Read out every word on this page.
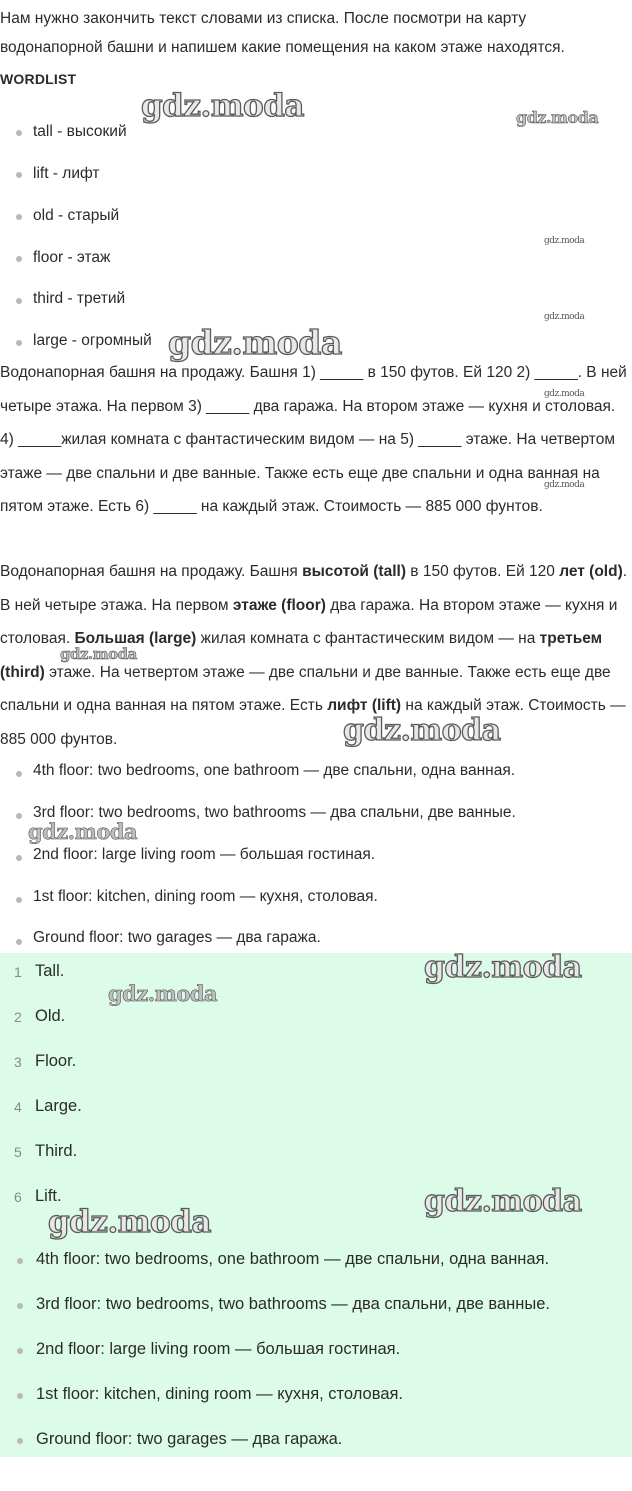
Нам нужно закончить текст словами из списка. После посмотри на карту водонапорной башни и напишем какие помещения на каком этаже находятся.
WORDLIST
tall - высокий
lift - лифт
old - старый
floor - этаж
third - третий
large - огромный
Водонапорная башня на продажу. Башня 1) _____ в 150 футов. Ей 120 2) _____. В ней четыре этажа. На первом 3) _____ два гаража. На втором этаже — кухня и столовая. 4) _____жилая комната с фантастическим видом — на 5) _____ этаже. На четвертом этаже — две спальни и две ванные. Также есть еще две спальни и одна ванная на пятом этаже. Есть 6) _____ на каждый этаж. Стоимость — 885 000 фунтов.
Водонапорная башня на продажу. Башня высотой (tall) в 150 футов. Ей 120 лет (old). В ней четыре этажа. На первом этаже (floor) два гаража. На втором этаже — кухня и столовая. Большая (large) жилая комната с фантастическим видом — на третьем (third) этаже. На четвертом этаже — две спальни и две ванные. Также есть еще две спальни и одна ванная на пятом этаже. Есть лифт (lift) на каждый этаж. Стоимость — 885 000 фунтов.
4th floor: two bedrooms, one bathroom — две спальни, одна ванная.
3rd floor: two bedrooms, two bathrooms — два спальни, две ванные.
2nd floor: large living room — большая гостиная.
1st floor: kitchen, dining room — кухня, столовая.
Ground floor: two garages — два гаража.
1 Tall.
2 Old.
3 Floor.
4 Large.
5 Third.
6 Lift.
4th floor: two bedrooms, one bathroom — две спальни, одна ванная.
3rd floor: two bedrooms, two bathrooms — два спальни, две ванные.
2nd floor: large living room — большая гостиная.
1st floor: kitchen, dining room — кухня, столовая.
Ground floor: two garages — два гаража.
gdz.moda	gdz.moda
gdz.moda
gdz.moda
gdz.moda
gdz.moda
gdz.moda
gdz.moda
gdz.moda
gdz.moda
gdz.moda
gdz.moda
gdz.moda
gdz.moda
